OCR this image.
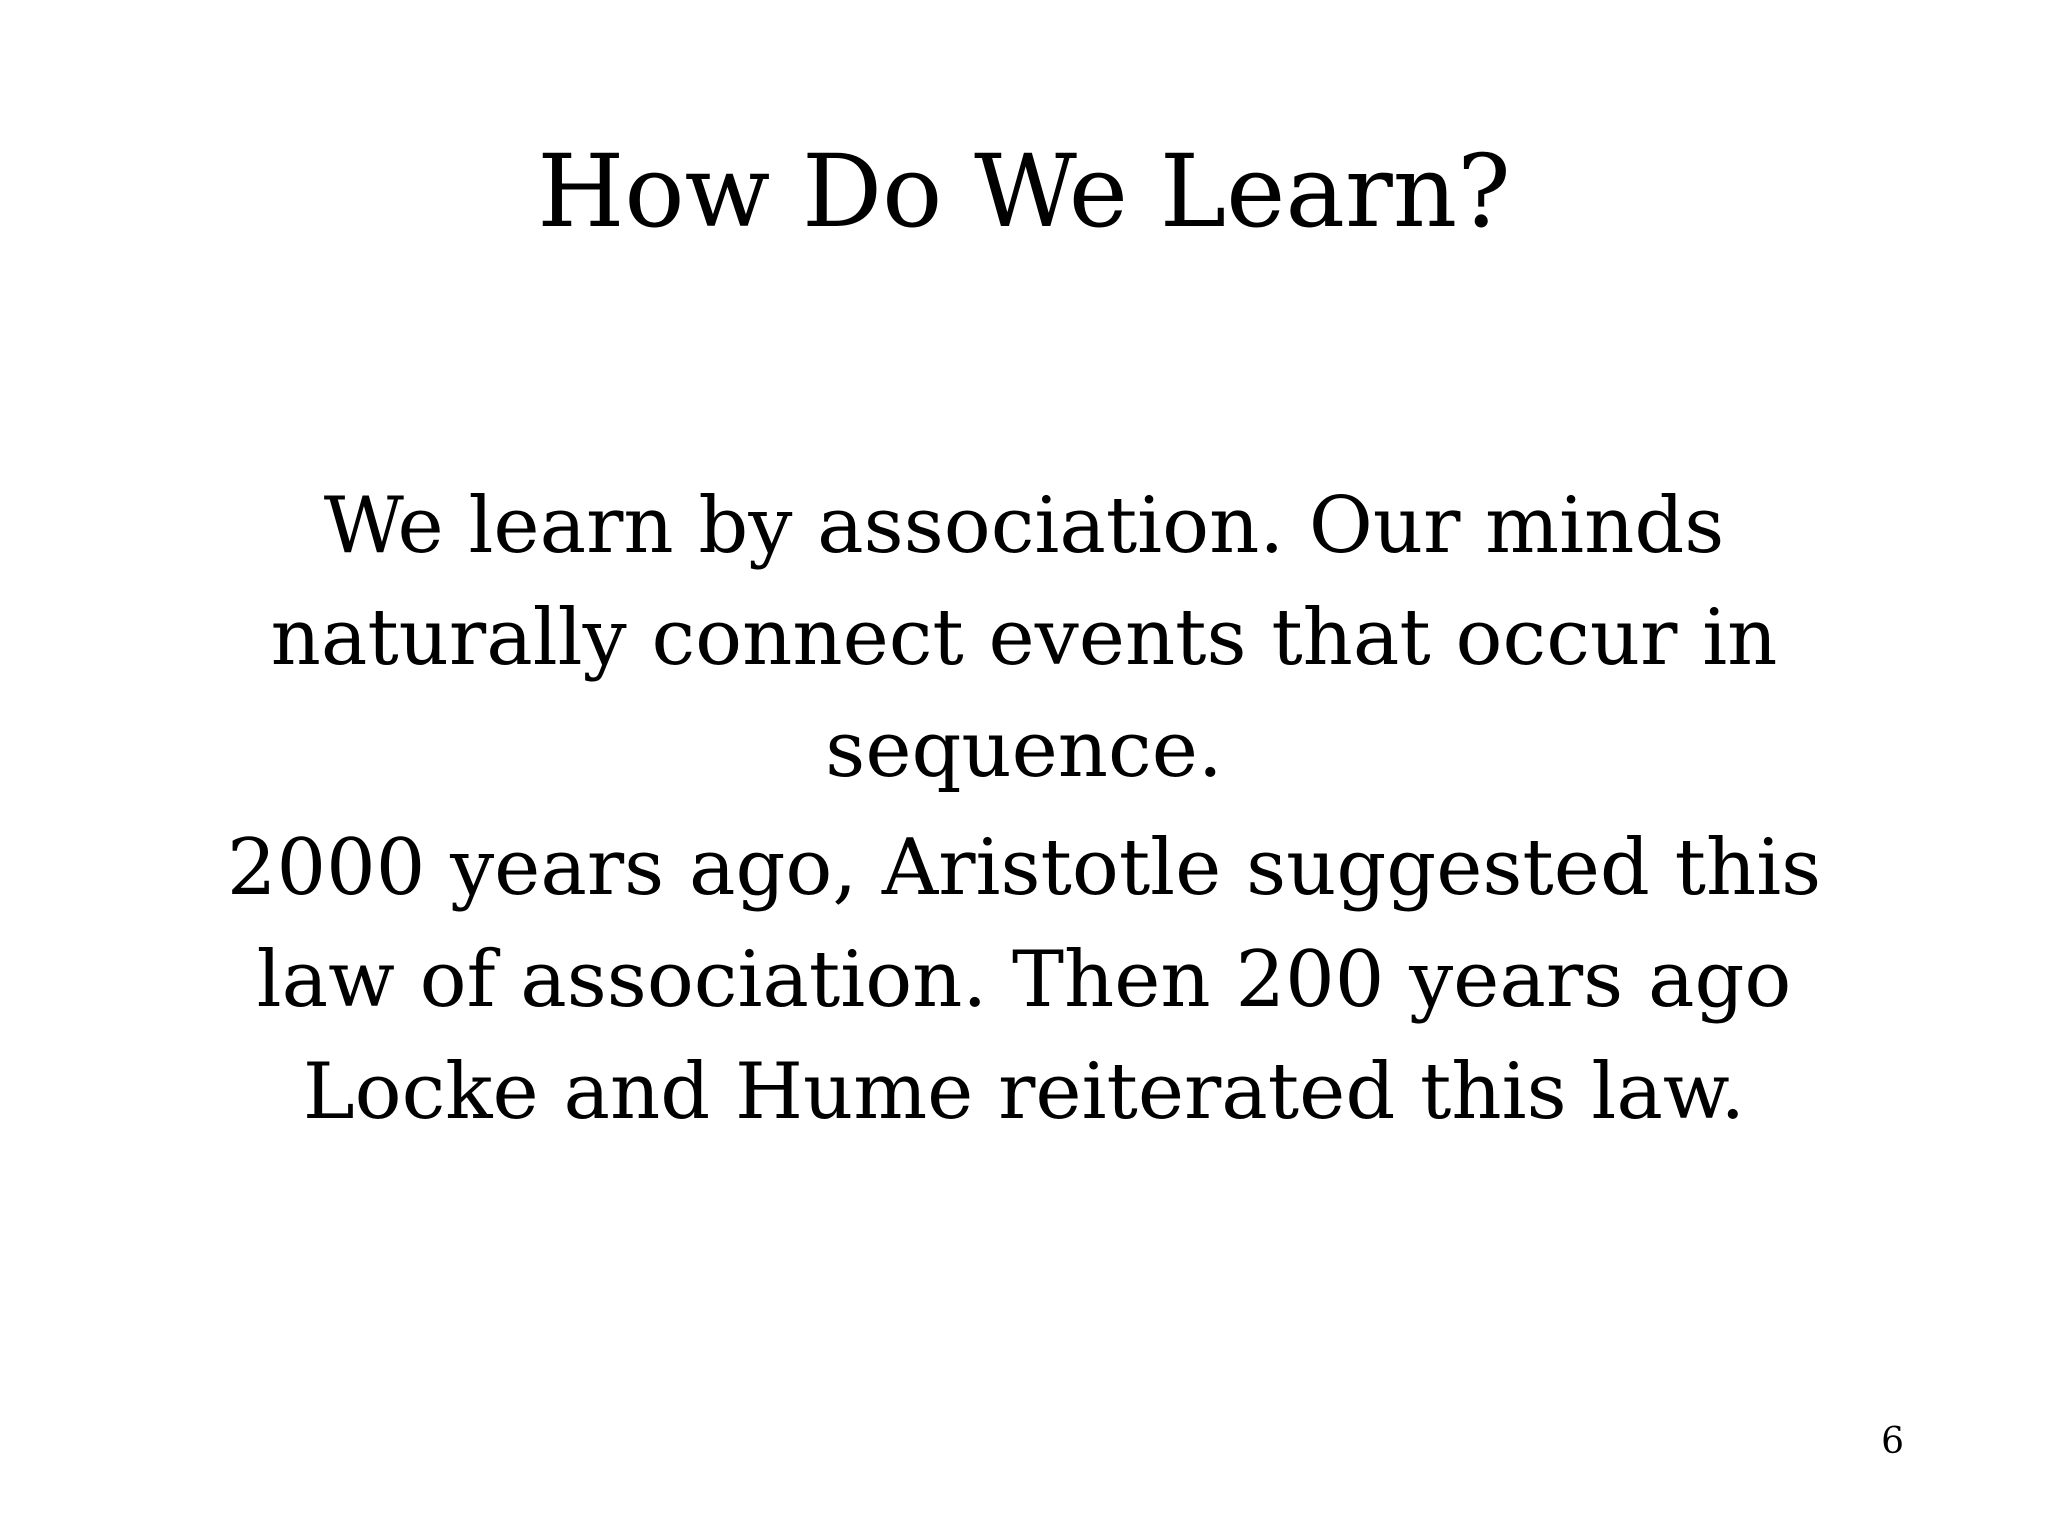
How Do We Learn?

We learn by association. Our minds
naturally connect events that occur in
sequence.

2000 years ago, Aristotle suggested this
law of association. Then 200 years ago
Locke and Hume reiterated this law.

6
